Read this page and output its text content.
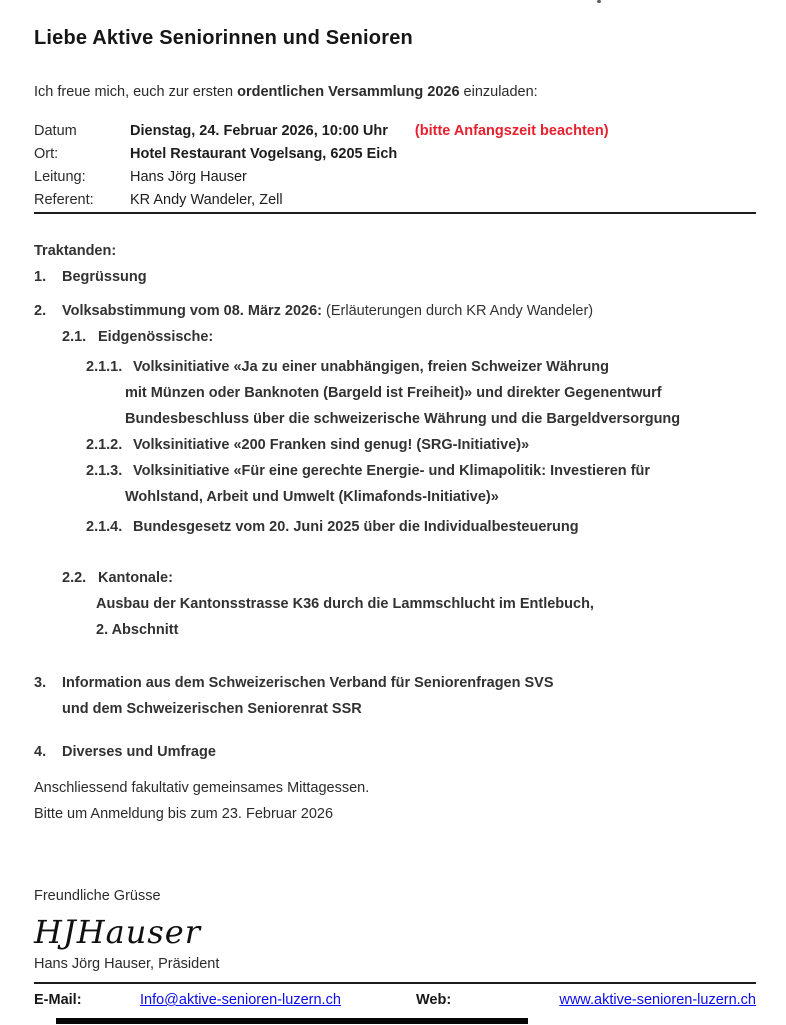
Liebe Aktive Seniorinnen und Senioren
Ich freue mich, euch zur ersten ordentlichen Versammlung 2026 einzuladen:
Datum	Dienstag, 24. Februar 2026, 10:00 Uhr (bitte Anfangszeit beachten)
Ort:	Hotel Restaurant Vogelsang, 6205 Eich
Leitung:	Hans Jörg Hauser
Referent:	KR Andy Wandeler, Zell
Traktanden:
1.	Begrüssung
2.	Volksabstimmung vom 08. März 2026: (Erläuterungen durch KR Andy Wandeler)
2.1. Eidgenössische:
2.1.1. Volksinitiative «Ja zu einer unabhängigen, freien Schweizer Währung
mit Münzen oder Banknoten (Bargeld ist Freiheit)» und direkter Gegenentwurf
Bundesbeschluss über die schweizerische Währung und die Bargeldversorgung
2.1.2. Volksinitiative «200 Franken sind genug! (SRG-Initiative)»
2.1.3. Volksinitiative «Für eine gerechte Energie- und Klimapolitik: Investieren für
Wohlstand, Arbeit und Umwelt (Klimafonds-Initiative)»
2.1.4. Bundesgesetz vom 20. Juni 2025 über die Individualbesteuerung
2.2. Kantonale:
Ausbau der Kantonsstrasse K36 durch die Lammschlucht im Entlebuch,
2. Abschnitt
3.	Information aus dem Schweizerischen Verband für Seniorenfragen SVS
und dem Schweizerischen Seniorenrat SSR
4.	Diverses und Umfrage
Anschliessend fakultativ gemeinsames Mittagessen.
Bitte um Anmeldung bis zum 23. Februar 2026
Freundliche Grüsse
HJHauser
Hans Jörg Hauser, Präsident
E-Mail:	Info@aktive-senioren-luzern.ch	Web:	www.aktive-senioren-luzern.ch
